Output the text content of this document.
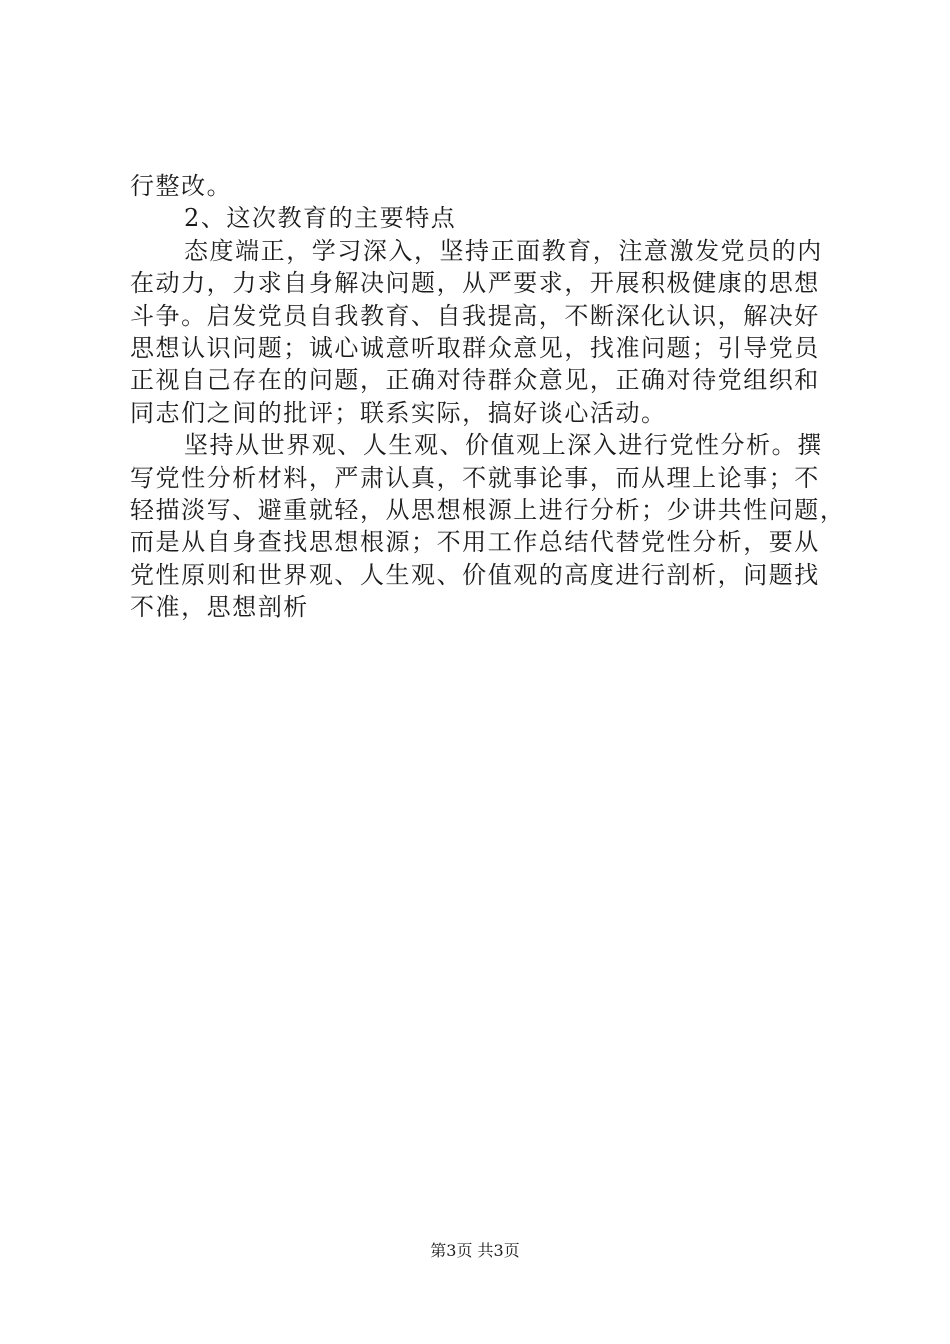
行整改。
2、这次教育的主要特点
态度端正，学习深入，坚持正面教育，注意激发党员的内
在动力，力求自身解决问题，从严要求，开展积极健康的思想
斗争。启发党员自我教育、自我提高，不断深化认识，解决好
思想认识问题；诚心诚意听取群众意见，找准问题；引导党员
正视自己存在的问题，正确对待群众意见，正确对待党组织和
同志们之间的批评；联系实际，搞好谈心活动。
坚持从世界观、人生观、价值观上深入进行党性分析。撰
写党性分析材料，严肃认真，不就事论事，而从理上论事；不
轻描淡写、避重就轻，从思想根源上进行分析；少讲共性问题，
而是从自身查找思想根源；不用工作总结代替党性分析，要从
党性原则和世界观、人生观、价值观的高度进行剖析，问题找
不准，思想剖析
第3页 共3页
